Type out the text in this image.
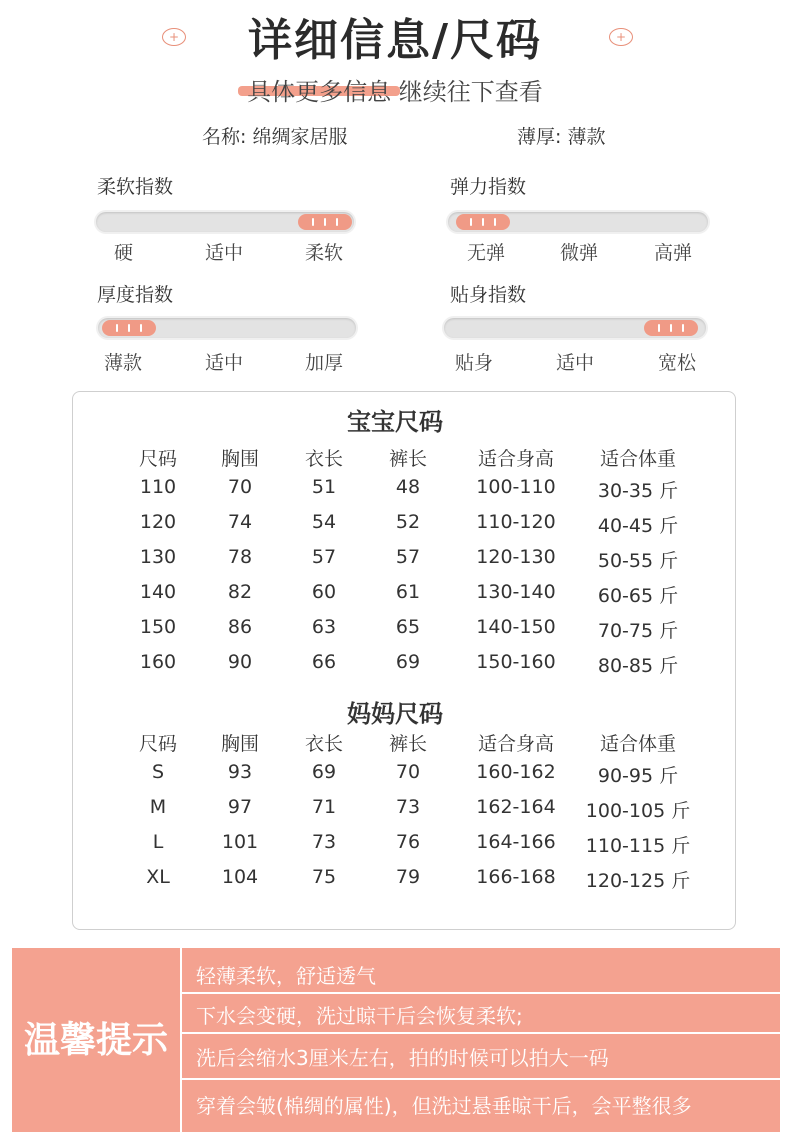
+	+
详细信息/尺码
具体更多信息 继续往下查看
名称: 绵绸家居服	薄厚: 薄款
柔软指数
硬	适中	柔软
弹力指数
无弹	微弹	高弹
厚度指数
薄款	适中	加厚
贴身指数
贴身	适中	宽松
宝宝尺码
尺码	胸围	衣长	裤长	适合身高	适合体重
110	70	51	48	100-110	30-35 斤
120	74	54	52	110-120	40-45 斤
130	78	57	57	120-130	50-55 斤
140	82	60	61	130-140	60-65 斤
150	86	63	65	140-150	70-75 斤
160	90	66	69	150-160	80-85 斤
妈妈尺码
尺码	胸围	衣长	裤长	适合身高	适合体重
S	93	69	70	160-162	90-95 斤
M	97	71	73	162-164	100-105 斤
L	101	73	76	164-166	110-115 斤
XL	104	75	79	166-168	120-125 斤
温馨提示
轻薄柔软，舒适透气
下水会变硬，洗过晾干后会恢复柔软;
洗后会缩水3厘米左右，拍的时候可以拍大一码
穿着会皱(棉绸的属性)，但洗过悬垂晾干后，会平整很多
